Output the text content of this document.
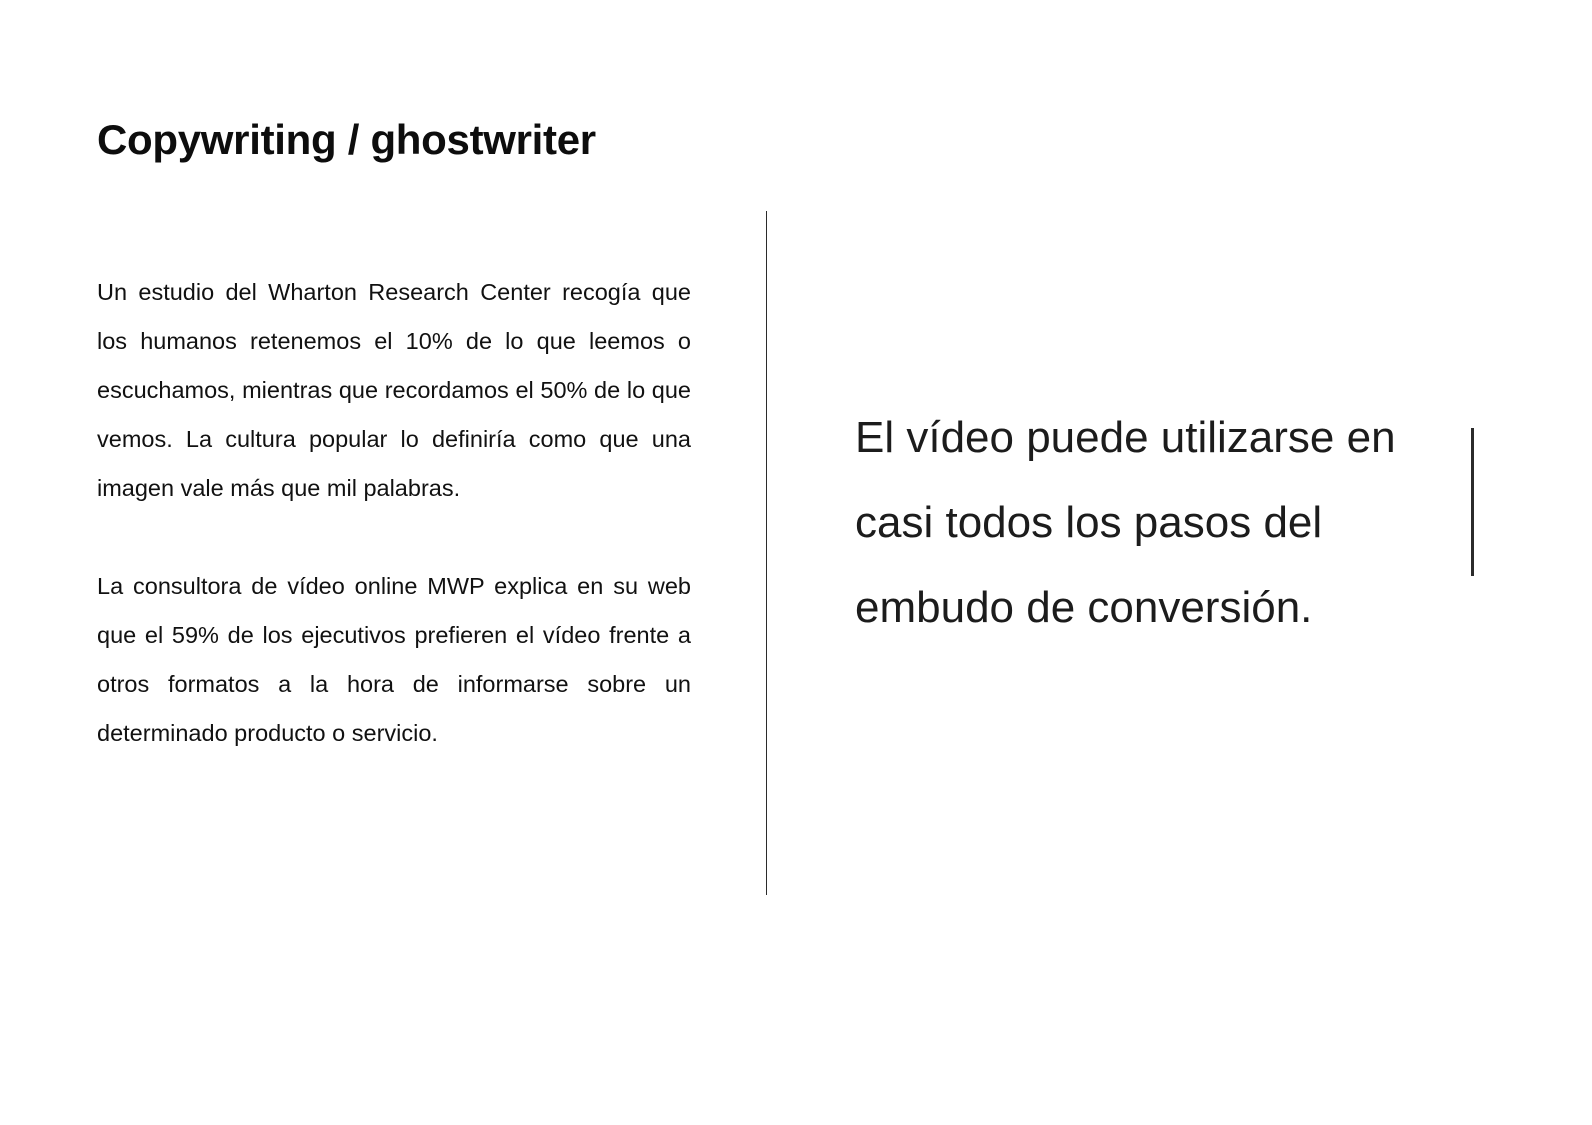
Copywriting / ghostwriter

Un estudio del Wharton Research Center recogía que los humanos retenemos el 10% de lo que leemos o escuchamos, mientras que recordamos el 50% de lo que vemos. La cultura popular lo definiría como que una imagen vale más que mil palabras.

La consultora de vídeo online MWP explica en su web que el 59% de los ejecutivos prefieren el vídeo frente a otros formatos a la hora de informarse sobre un determinado producto o servicio.

El vídeo puede utilizarse en casi todos los pasos del embudo de conversión.
